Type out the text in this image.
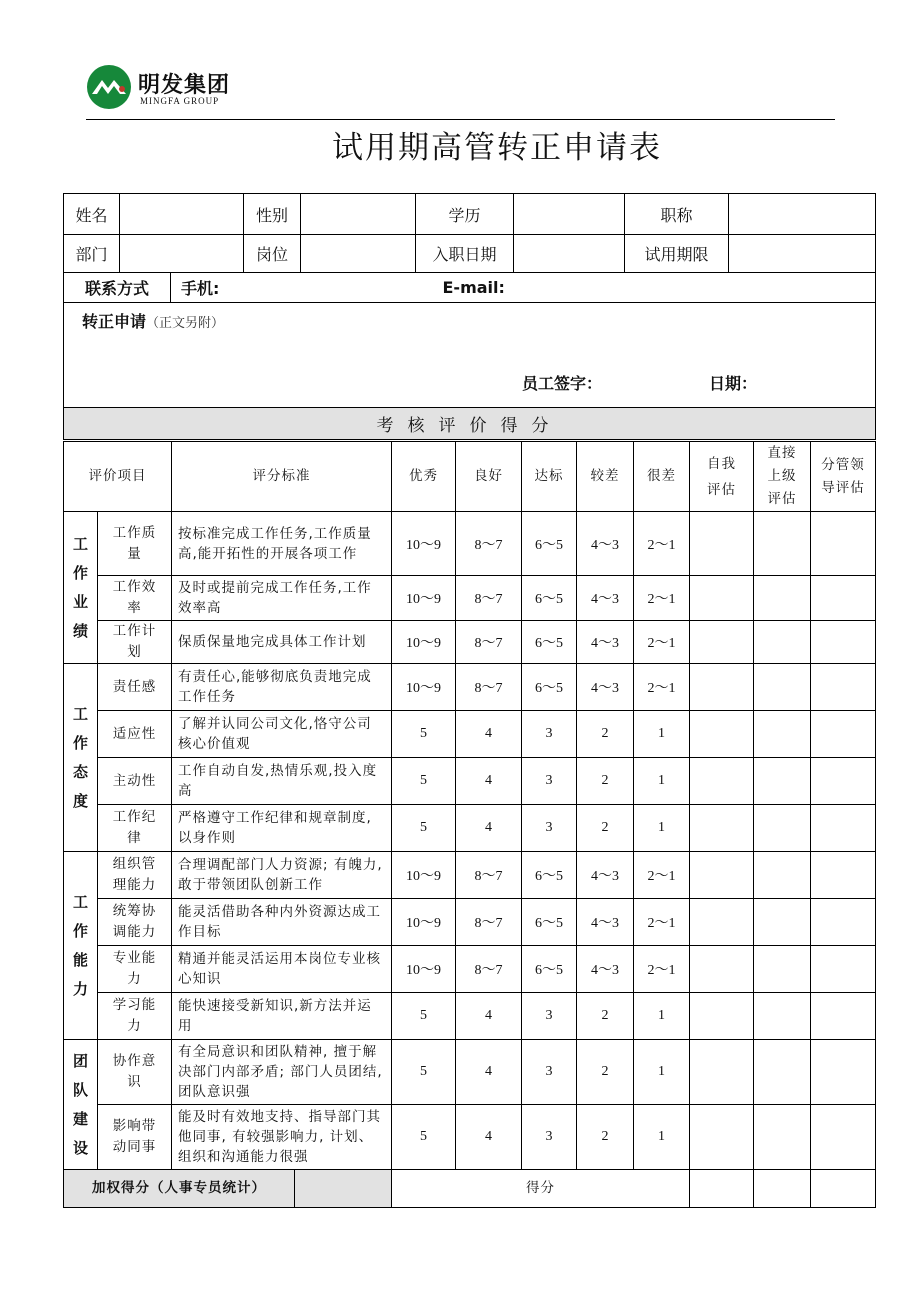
明发集团
MINGFA GROUP
试用期高管转正申请表
姓名		性别		学历		职称	
部门		岗位		入职日期		试用期限	
联系方式	手机:	E-mail:

转正申请（正文另附）
员工签字：	日期：

考核评价得分
评价项目		评分标准	优秀	良好	达标	较差	很差	自我评估	直接上级评估	分管领导评估
工
作
业
绩	工作质量	按标准完成工作任务,工作质量高,能开拓性的开展各项工作	10～9	8～7	6～5	4～3	2～1			
	工作效率	及时或提前完成工作任务,工作效率高	10～9	8～7	6～5	4～3	2～1			
	工作计划	保质保量地完成具体工作计划	10～9	8～7	6～5	4～3	2～1			
工
作
态
度	责任感	有责任心,能够彻底负责地完成工作任务	10～9	8～7	6～5	4～3	2～1			
	适应性	了解并认同公司文化,恪守公司核心价值观	5	4	3	2	1			
	主动性	工作自动自发,热情乐观,投入度高	5	4	3	2	1			
	工作纪律	严格遵守工作纪律和规章制度, 以身作则	5	4	3	2	1			
工
作
能
力	组织管理能力	合理调配部门人力资源; 有魄力, 敢于带领团队创新工作	10～9	8～7	6～5	4～3	2～1			
	统筹协调能力	能灵活借助各种内外资源达成工作目标	10～9	8～7	6～5	4～3	2～1			
	专业能力	精通并能灵活运用本岗位专业核心知识	10～9	8～7	6～5	4～3	2～1			
	学习能力	能快速接受新知识,新方法并运用	5	4	3	2	1			
团
队
建
设	协作意识	有全局意识和团队精神, 擅于解决部门内部矛盾; 部门人员团结, 团队意识强	5	4	3	2	1			
	影响带动同事	能及时有效地支持、指导部门其他同事, 有较强影响力, 计划、组织和沟通能力很强	5	4	3	2	1			

加权得分（人事专员统计）			得分							
